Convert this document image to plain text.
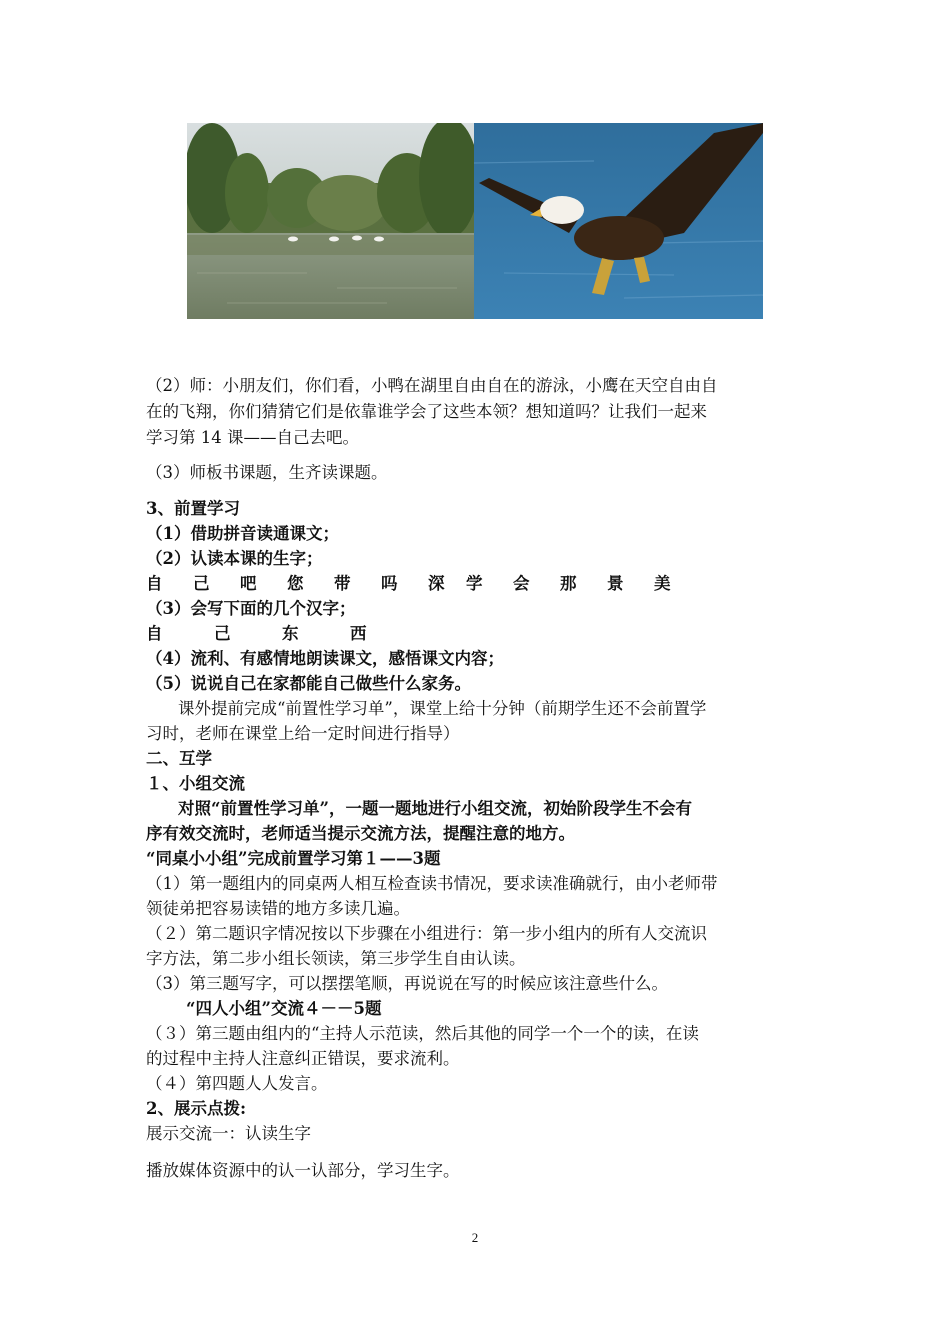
（2）师：小朋友们，你们看，小鸭在湖里自由自在的游泳，小鹰在天空自由自
在的飞翔，你们猜猜它们是依靠谁学会了这些本领？想知道吗？让我们一起来
学习第 14 课——自己去吧。
（3）师板书课题，生齐读课题。
3、前置学习
（1）借助拼音读通课文；
（2）认读本课的生字；
自 己 吧 您 带 吗 深 学 会 那 景 美
（3）会写下面的几个汉字；
自	己	东	西
（4）流利、有感情地朗读课文，感悟课文内容；
（5）说说自己在家都能自己做些什么家务。
课外提前完成“前置性学习单”，课堂上给十分钟（前期学生还不会前置学
习时，老师在课堂上给一定时间进行指导）
二、互学
１、小组交流
对照“前置性学习单”，一题一题地进行小组交流，初始阶段学生不会有
序有效交流时，老师适当提示交流方法，提醒注意的地方。
“同桌小小组”完成前置学习第１——3题
（1）第一题组内的同桌两人相互检查读书情况，要求读准确就行，由小老师带
领徒弟把容易读错的地方多读几遍。
（２）第二题识字情况按以下步骤在小组进行：第一步小组内的所有人交流识
字方法，第二步小组长领读，第三步学生自由认读。
（3）第三题写字，可以摆摆笔顺，再说说在写的时候应该注意些什么。
“四人小组”交流４－－5题
（３）第三题由组内的“主持人示范读，然后其他的同学一个一个的读，在读
的过程中主持人注意纠正错误，要求流利。
（４）第四题人人发言。
2、展示点拨:
展示交流一：认读生字
播放媒体资源中的认一认部分，学习生字。
2
